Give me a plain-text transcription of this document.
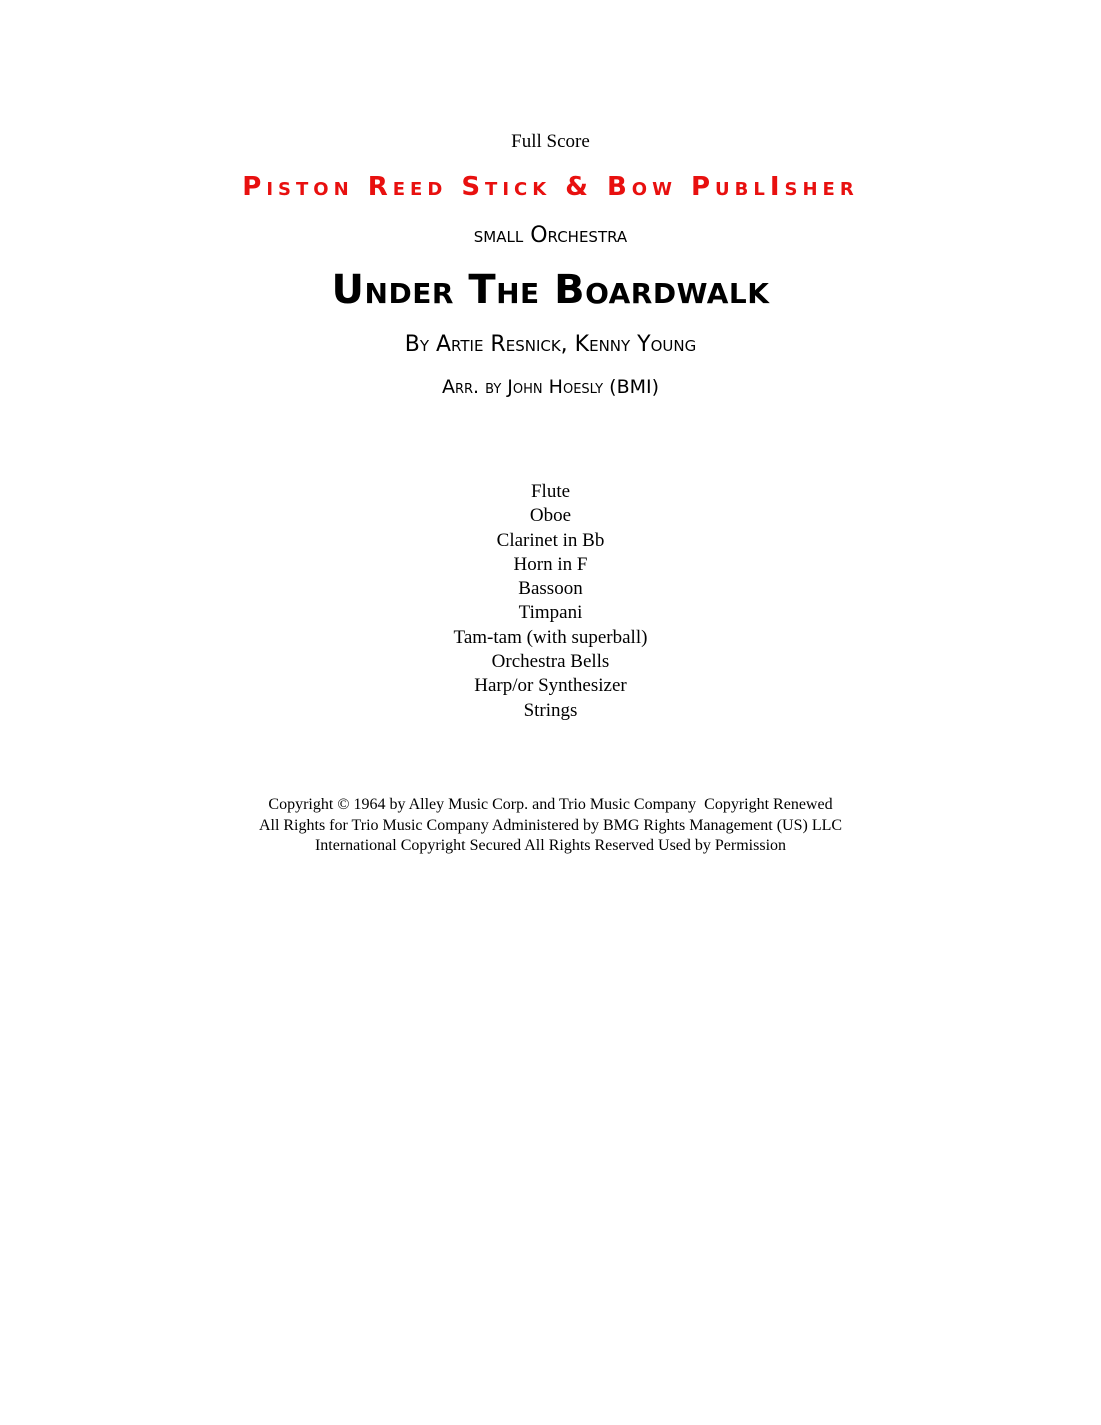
Full Score
Piston Reed Stick & Bow PublIsher
small Orchestra
Under The Boardwalk
By Artie Resnick, Kenny Young
Arr. by John Hoesly (BMI)
Flute
Oboe
Clarinet in Bb
Horn in F
Bassoon
Timpani
Tam-tam (with superball)
Orchestra Bells
Harp/or Synthesizer
Strings
Copyright © 1964 by Alley Music Corp. and Trio Music Company  Copyright Renewed
All Rights for Trio Music Company Administered by BMG Rights Management (US) LLC
International Copyright Secured All Rights Reserved Used by Permission
